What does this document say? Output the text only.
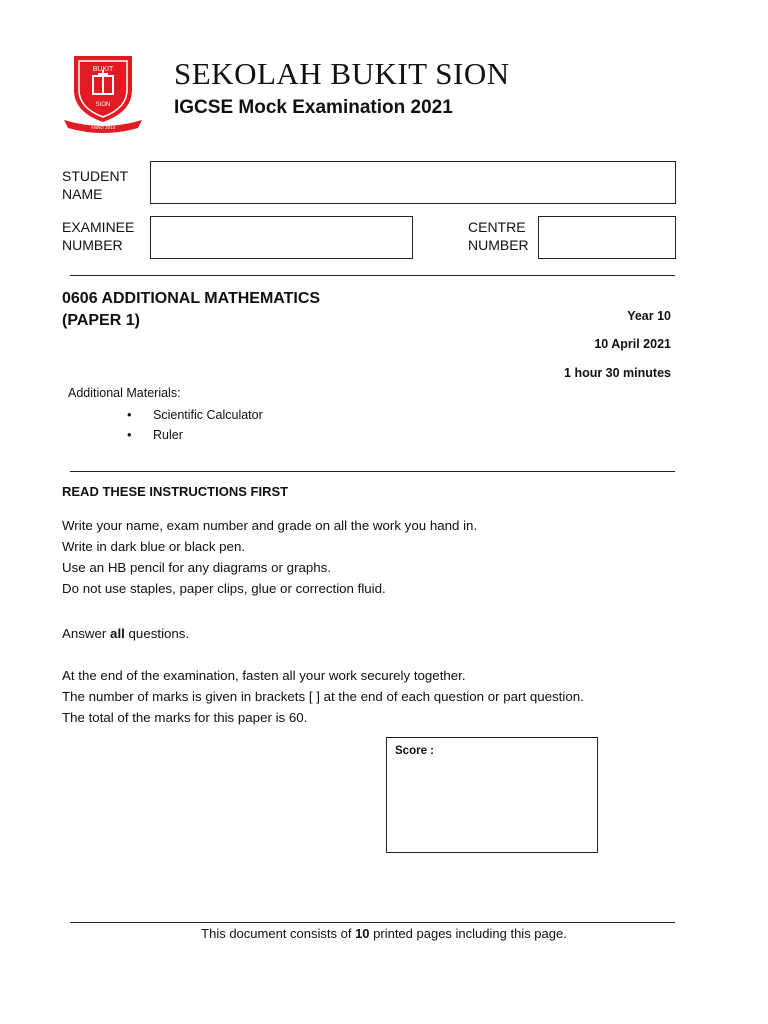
BUKIT
SION
ANNO 2014
SEKOLAH BUKIT SION
IGCSE Mock Examination 2021
STUDENT
NAME
EXAMINEE
NUMBER
CENTRE
NUMBER
0606 ADDITIONAL MATHEMATICS
(PAPER 1)	Year 10
10 April 2021
1 hour 30 minutes
Additional Materials:
• Scientific Calculator
• Ruler
READ THESE INSTRUCTIONS FIRST

Write your name, exam number and grade on all the work you hand in.

Write in dark blue or black pen.

Use an HB pencil for any diagrams or graphs.

Do not use staples, paper clips, glue or correction fluid.

Answer all questions.

At the end of the examination, fasten all your work securely together.

The number of marks is given in brackets [ ] at the end of each question or part question.

The total of the marks for this paper is 60.

Score :
This document consists of 10 printed pages including this page.
